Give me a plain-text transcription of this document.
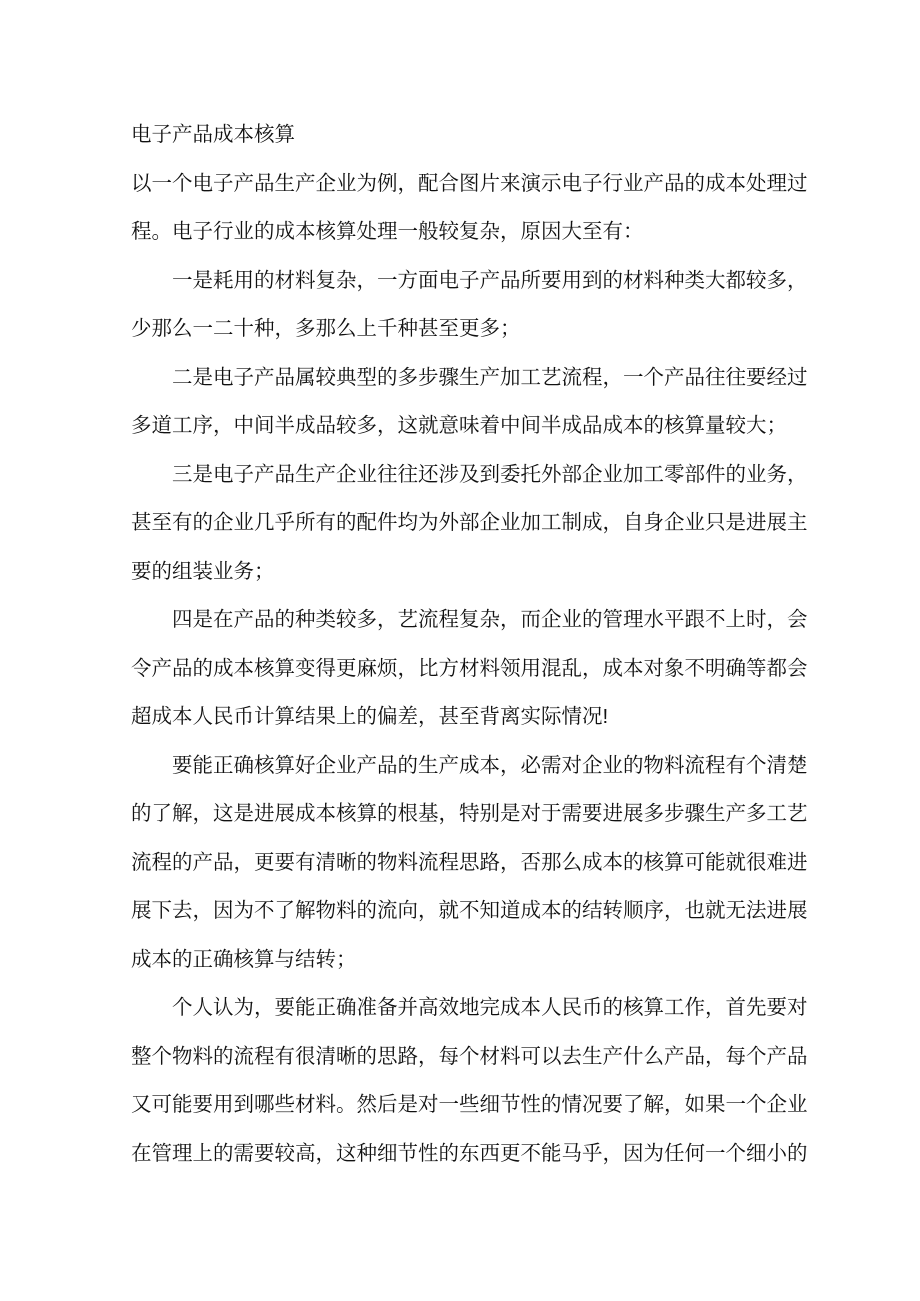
电子产品成本核算

以一个电子产品生产企业为例，配合图片来演示电子行业产品的成本处理过程。电子行业的成本核算处理一般较复杂，原因大至有：

一是耗用的材料复杂，一方面电子产品所要用到的材料种类大都较多，少那么一二十种，多那么上千种甚至更多；

二是电子产品属较典型的多步骤生产加工艺流程，一个产品往往要经过多道工序，中间半成品较多，这就意味着中间半成品成本的核算量较大；

三是电子产品生产企业往往还涉及到委托外部企业加工零部件的业务，甚至有的企业几乎所有的配件均为外部企业加工制成，自身企业只是进展主要的组装业务；

四是在产品的种类较多，艺流程复杂，而企业的管理水平跟不上时，会令产品的成本核算变得更麻烦，比方材料领用混乱，成本对象不明确等都会超成本人民币计算结果上的偏差，甚至背离实际情况!

要能正确核算好企业产品的生产成本，必需对企业的物料流程有个清楚的了解，这是进展成本核算的根基，特别是对于需要进展多步骤生产多工艺流程的产品，更要有清晰的物料流程思路，否那么成本的核算可能就很难进展下去，因为不了解物料的流向，就不知道成本的结转顺序，也就无法进展成本的正确核算与结转；

个人认为，要能正确准备并高效地完成本人民币的核算工作，首先要对整个物料的流程有很清晰的思路，每个材料可以去生产什么产品，每个产品又可能要用到哪些材料。然后是对一些细节性的情况要了解，如果一个企业在管理上的需要较高，这种细节性的东西更不能马乎，因为任何一个细小的
